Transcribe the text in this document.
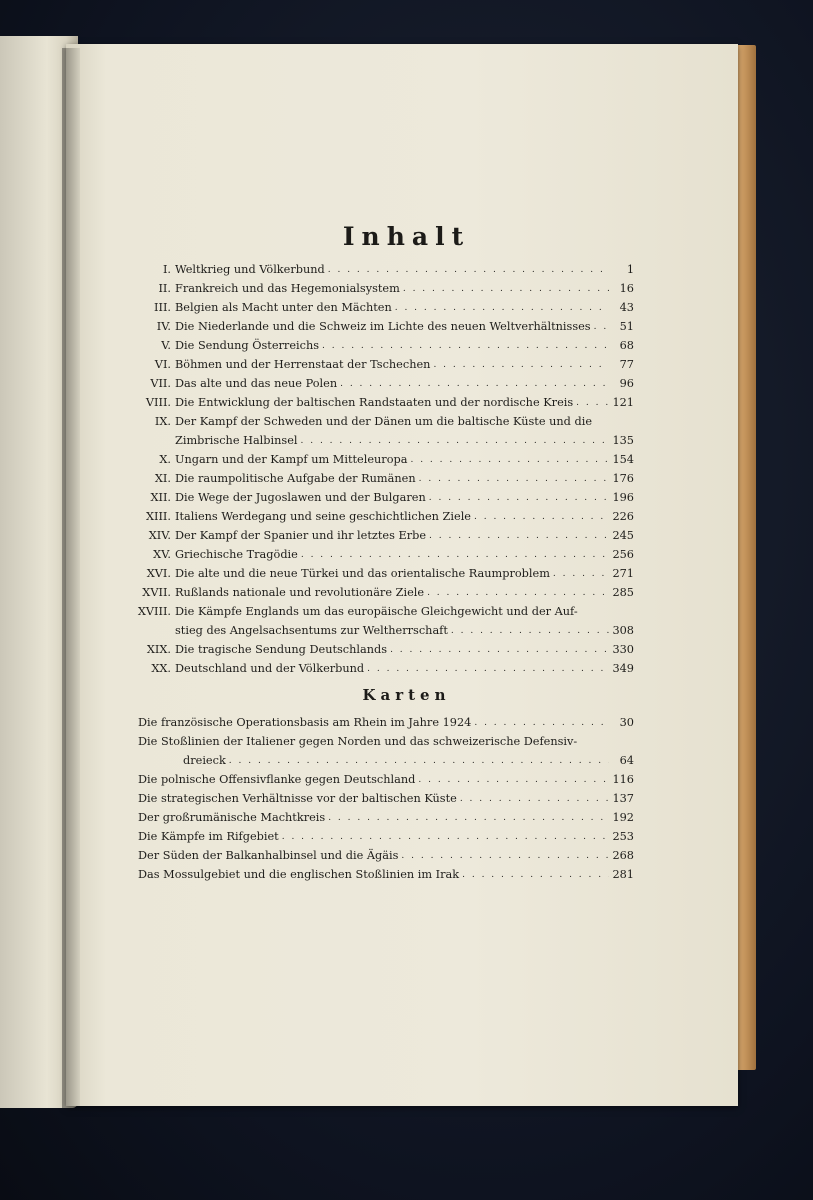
Inhalt
I. Weltkrieg und Völkerbund . . .	1
II. Frankreich und das Hegemonialsystem . . .	16
III. Belgien als Macht unter den Mächten . . .	43
IV. Die Niederlande und die Schweiz im Lichte des neuen Weltverhältnisses . . .	51
V. Die Sendung Österreichs . . .	68
VI. Böhmen und der Herrenstaat der Tschechen . . .	77
VII. Das alte und das neue Polen . . .	96
VIII. Die Entwicklung der baltischen Randstaaten und der nordische Kreis . . .	121
IX. Der Kampf der Schweden und der Dänen um die baltische Küste und die
Zimbrische Halbinsel . . .	135
X. Ungarn und der Kampf um Mitteleuropa . . .	154
XI. Die raumpolitische Aufgabe der Rumänen . . .	176
XII. Die Wege der Jugoslawen und der Bulgaren . . .	196
XIII. Italiens Werdegang und seine geschichtlichen Ziele . . .	226
XIV. Der Kampf der Spanier und ihr letztes Erbe . . .	245
XV. Griechische Tragödie . . .	256
XVI. Die alte und die neue Türkei und das orientalische Raumproblem . . .	271
XVII. Rußlands nationale und revolutionäre Ziele . . .	285
XVIII. Die Kämpfe Englands um das europäische Gleichgewicht und der Auf-
stieg des Angelsachsentums zur Weltherrschaft . . .	308
XIX. Die tragische Sendung Deutschlands . . .	330
XX. Deutschland und der Völkerbund . . .	349
Karten
Die französische Operationsbasis am Rhein im Jahre 1924 . . .	30
Die Stoßlinien der Italiener gegen Norden und das schweizerische Defensiv-
dreieck . . .	64
Die polnische Offensivflanke gegen Deutschland . . .	116
Die strategischen Verhältnisse vor der baltischen Küste . . .	137
Der großrumänische Machtkreis . . .	192
Die Kämpfe im Rifgebiet . . .	253
Der Süden der Balkanhalbinsel und die Ägäis . . .	268
Das Mossulgebiet und die englischen Stoßlinien im Irak . . .	281
